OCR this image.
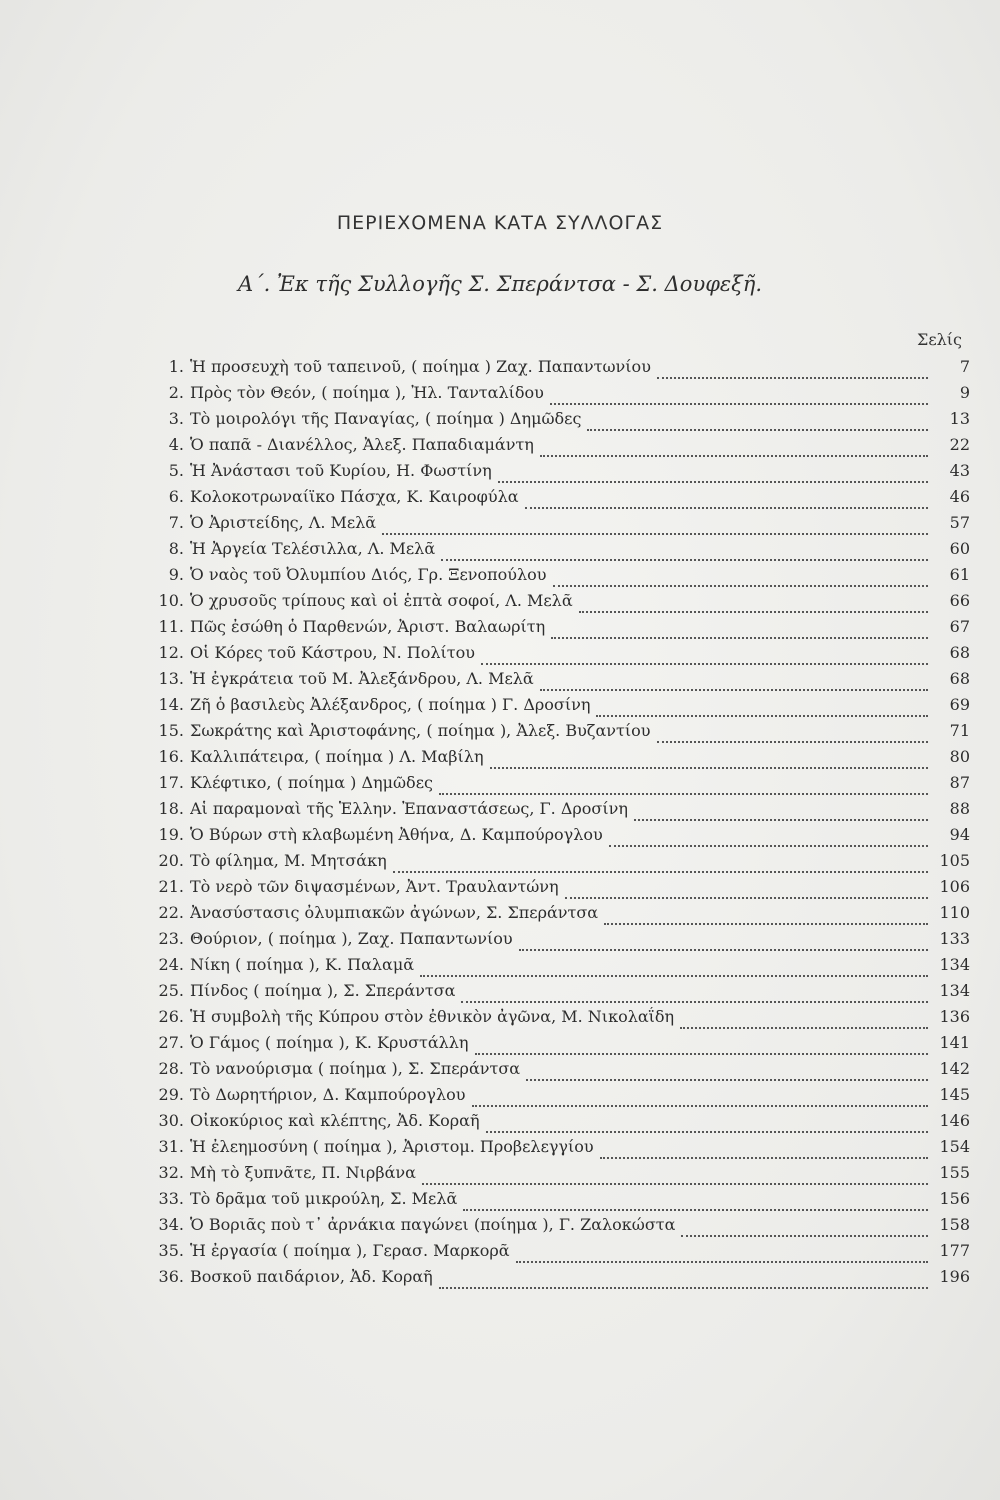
ΠΕΡΙΕΧΟΜΕΝΑ ΚΑΤΑ ΣΥΛΛΟΓΑΣ
Α΄. Ἐκ τῆς Συλλογῆς Σ. Σπεράντσα - Σ. Δουφεξῆ.
Σελίς
1. Ἡ προσευχὴ τοῦ ταπεινοῦ, ( ποίημα ) Ζαχ. Παπαντωνίου	7
2. Πρὸς τὸν Θεόν, ( ποίημα ), Ἠλ. Τανταλίδου	9
3. Τὸ μοιρολόγι τῆς Παναγίας, ( ποίημα ) Δημῶδες	13
4. Ὁ παπᾶ - Διανέλλος, Ἀλεξ. Παπαδιαμάντη	22
5. Ἡ Ἀνάστασι τοῦ Κυρίου, Η. Φωστίνη	43
6. Κολοκοτρωναίϊκο Πάσχα, Κ. Καιροφύλα	46
7. Ὁ Ἀριστείδης, Λ. Μελᾶ	57
8. Ἡ Ἀργεία Τελέσιλλα, Λ. Μελᾶ	60
9. Ὁ ναὸς τοῦ Ὀλυμπίου Διός, Γρ. Ξενοπούλου	61
10. Ὁ χρυσοῦς τρίπους καὶ οἱ ἑπτὰ σοφοί, Λ. Μελᾶ	66
11. Πῶς ἐσώθη ὁ Παρθενών, Ἀριστ. Βαλαωρίτη	67
12. Οἱ Κόρες τοῦ Κάστρου, Ν. Πολίτου	68
13. Ἡ ἐγκράτεια τοῦ Μ. Ἀλεξάνδρου, Λ. Μελᾶ	68
14. Ζῆ ὁ βασιλεὺς Ἀλέξανδρος, ( ποίημα ) Γ. Δροσίνη	69
15. Σωκράτης καὶ Ἀριστοφάνης, ( ποίημα ), Ἀλεξ. Βυζαντίου	71
16. Καλλιπάτειρα, ( ποίημα ) Λ. Μαβίλη	80
17. Κλέφτικο, ( ποίημα ) Δημῶδες	87
18. Αἱ παραμοναὶ τῆς Ἑλλην. Ἐπαναστάσεως, Γ. Δροσίνη	88
19. Ὁ Βύρων στὴ κλαβωμένη Ἀθήνα, Δ. Καμπούρογλου	94
20. Τὸ φίλημα, Μ. Μητσάκη	105
21. Τὸ νερὸ τῶν διψασμένων, Ἀντ. Τραυλαντώνη	106
22. Ἀνασύστασις ὀλυμπιακῶν ἀγώνων, Σ. Σπεράντσα	110
23. Θούριον, ( ποίημα ), Ζαχ. Παπαντωνίου	133
24. Νίκη ( ποίημα ), Κ. Παλαμᾶ	134
25. Πίνδος ( ποίημα ), Σ. Σπεράντσα	134
26. Ἡ συμβολὴ τῆς Κύπρου στὸν ἐθνικὸν ἀγῶνα, Μ. Νικολαΐδη	136
27. Ὁ Γάμος ( ποίημα ), Κ. Κρυστάλλη	141
28. Τὸ νανούρισμα ( ποίημα ), Σ. Σπεράντσα	142
29. Τὸ Δωρητήριον, Δ. Καμπούρογλου	145
30. Οἰκοκύριος καὶ κλέπτης, Ἀδ. Κοραῆ	146
31. Ἡ ἐλεημοσύνη ( ποίημα ), Ἀριστομ. Προβελεγγίου	154
32. Μὴ τὸ ξυπνᾶτε, Π. Νιρβάνα	155
33. Τὸ δρᾶμα τοῦ μικρούλη, Σ. Μελᾶ	156
34. Ὁ Βοριᾶς ποὺ τ᾿ ἀρνάκια παγώνει (ποίημα ), Γ. Ζαλοκώστα	158
35. Ἡ ἐργασία ( ποίημα ), Γερασ. Μαρκορᾶ	177
36. Βοσκοῦ παιδάριον, Ἀδ. Κοραῆ	196
